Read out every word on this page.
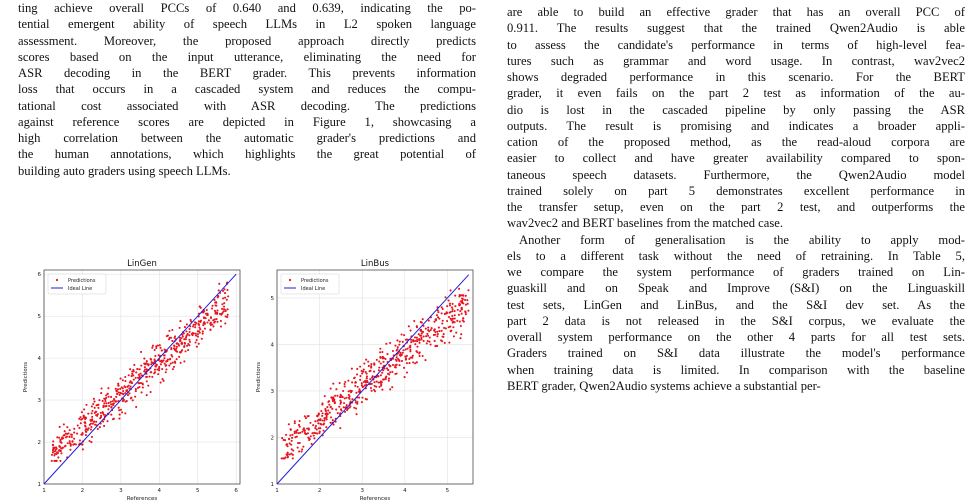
ting achieve overall PCCs of 0.640 and 0.639, indicating the po-
tential emergent ability of speech LLMs in L2 spoken language
assessment. Moreover, the proposed approach directly predicts
scores based on the input utterance, eliminating the need for
ASR decoding in the BERT grader. This prevents information
loss that occurs in a cascaded system and reduces the compu-
tational cost associated with ASR decoding. The predictions
against reference scores are depicted in Figure 1, showcasing a
high correlation between the automatic grader's predictions and
the human annotations, which highlights the great potential of
building auto graders using speech LLMs.
are able to build an effective grader that has an overall PCC of
0.911. The results suggest that the trained Qwen2Audio is able
to assess the candidate's performance in terms of high-level fea-
tures such as grammar and word usage. In contrast, wav2vec2
shows degraded performance in this scenario. For the BERT
grader, it even fails on the part 2 test as information of the au-
dio is lost in the cascaded pipeline by only passing the ASR
outputs. The result is promising and indicates a broader appli-
cation of the proposed method, as the read-aloud corpora are
easier to collect and have greater availability compared to spon-
taneous speech datasets. Furthermore, the Qwen2Audio model
trained solely on part 5 demonstrates excellent performance in
the transfer setup, even on the part 2 test, and outperforms the
wav2vec2 and BERT baselines from the matched case.
Another form of generalisation is the ability to apply mod-
els to a different task without the need of retraining. In Table 5,
we compare the system performance of graders trained on Lin-
guaskill and on Speak and Improve (S&I) on the Linguaskill
test sets, LinGen and LinBus, and the S&I dev set. As the
part 2 data is not released in the S&I corpus, we evaluate the
overall system performance on the other 4 parts for all test sets.
Graders trained on S&I data illustrate the model's performance
when training data is limited. In comparison with the baseline
BERT grader, Qwen2Audio systems achieve a substantial per-
LinGen
1	2	3	4	5	6
1
2
3
4
5
6
References
Predictions
Predictions
Ideal Line
LinBus
1	2	3	4	5
1
2
3
4
5
References
Predictions
Predictions
Ideal Line
